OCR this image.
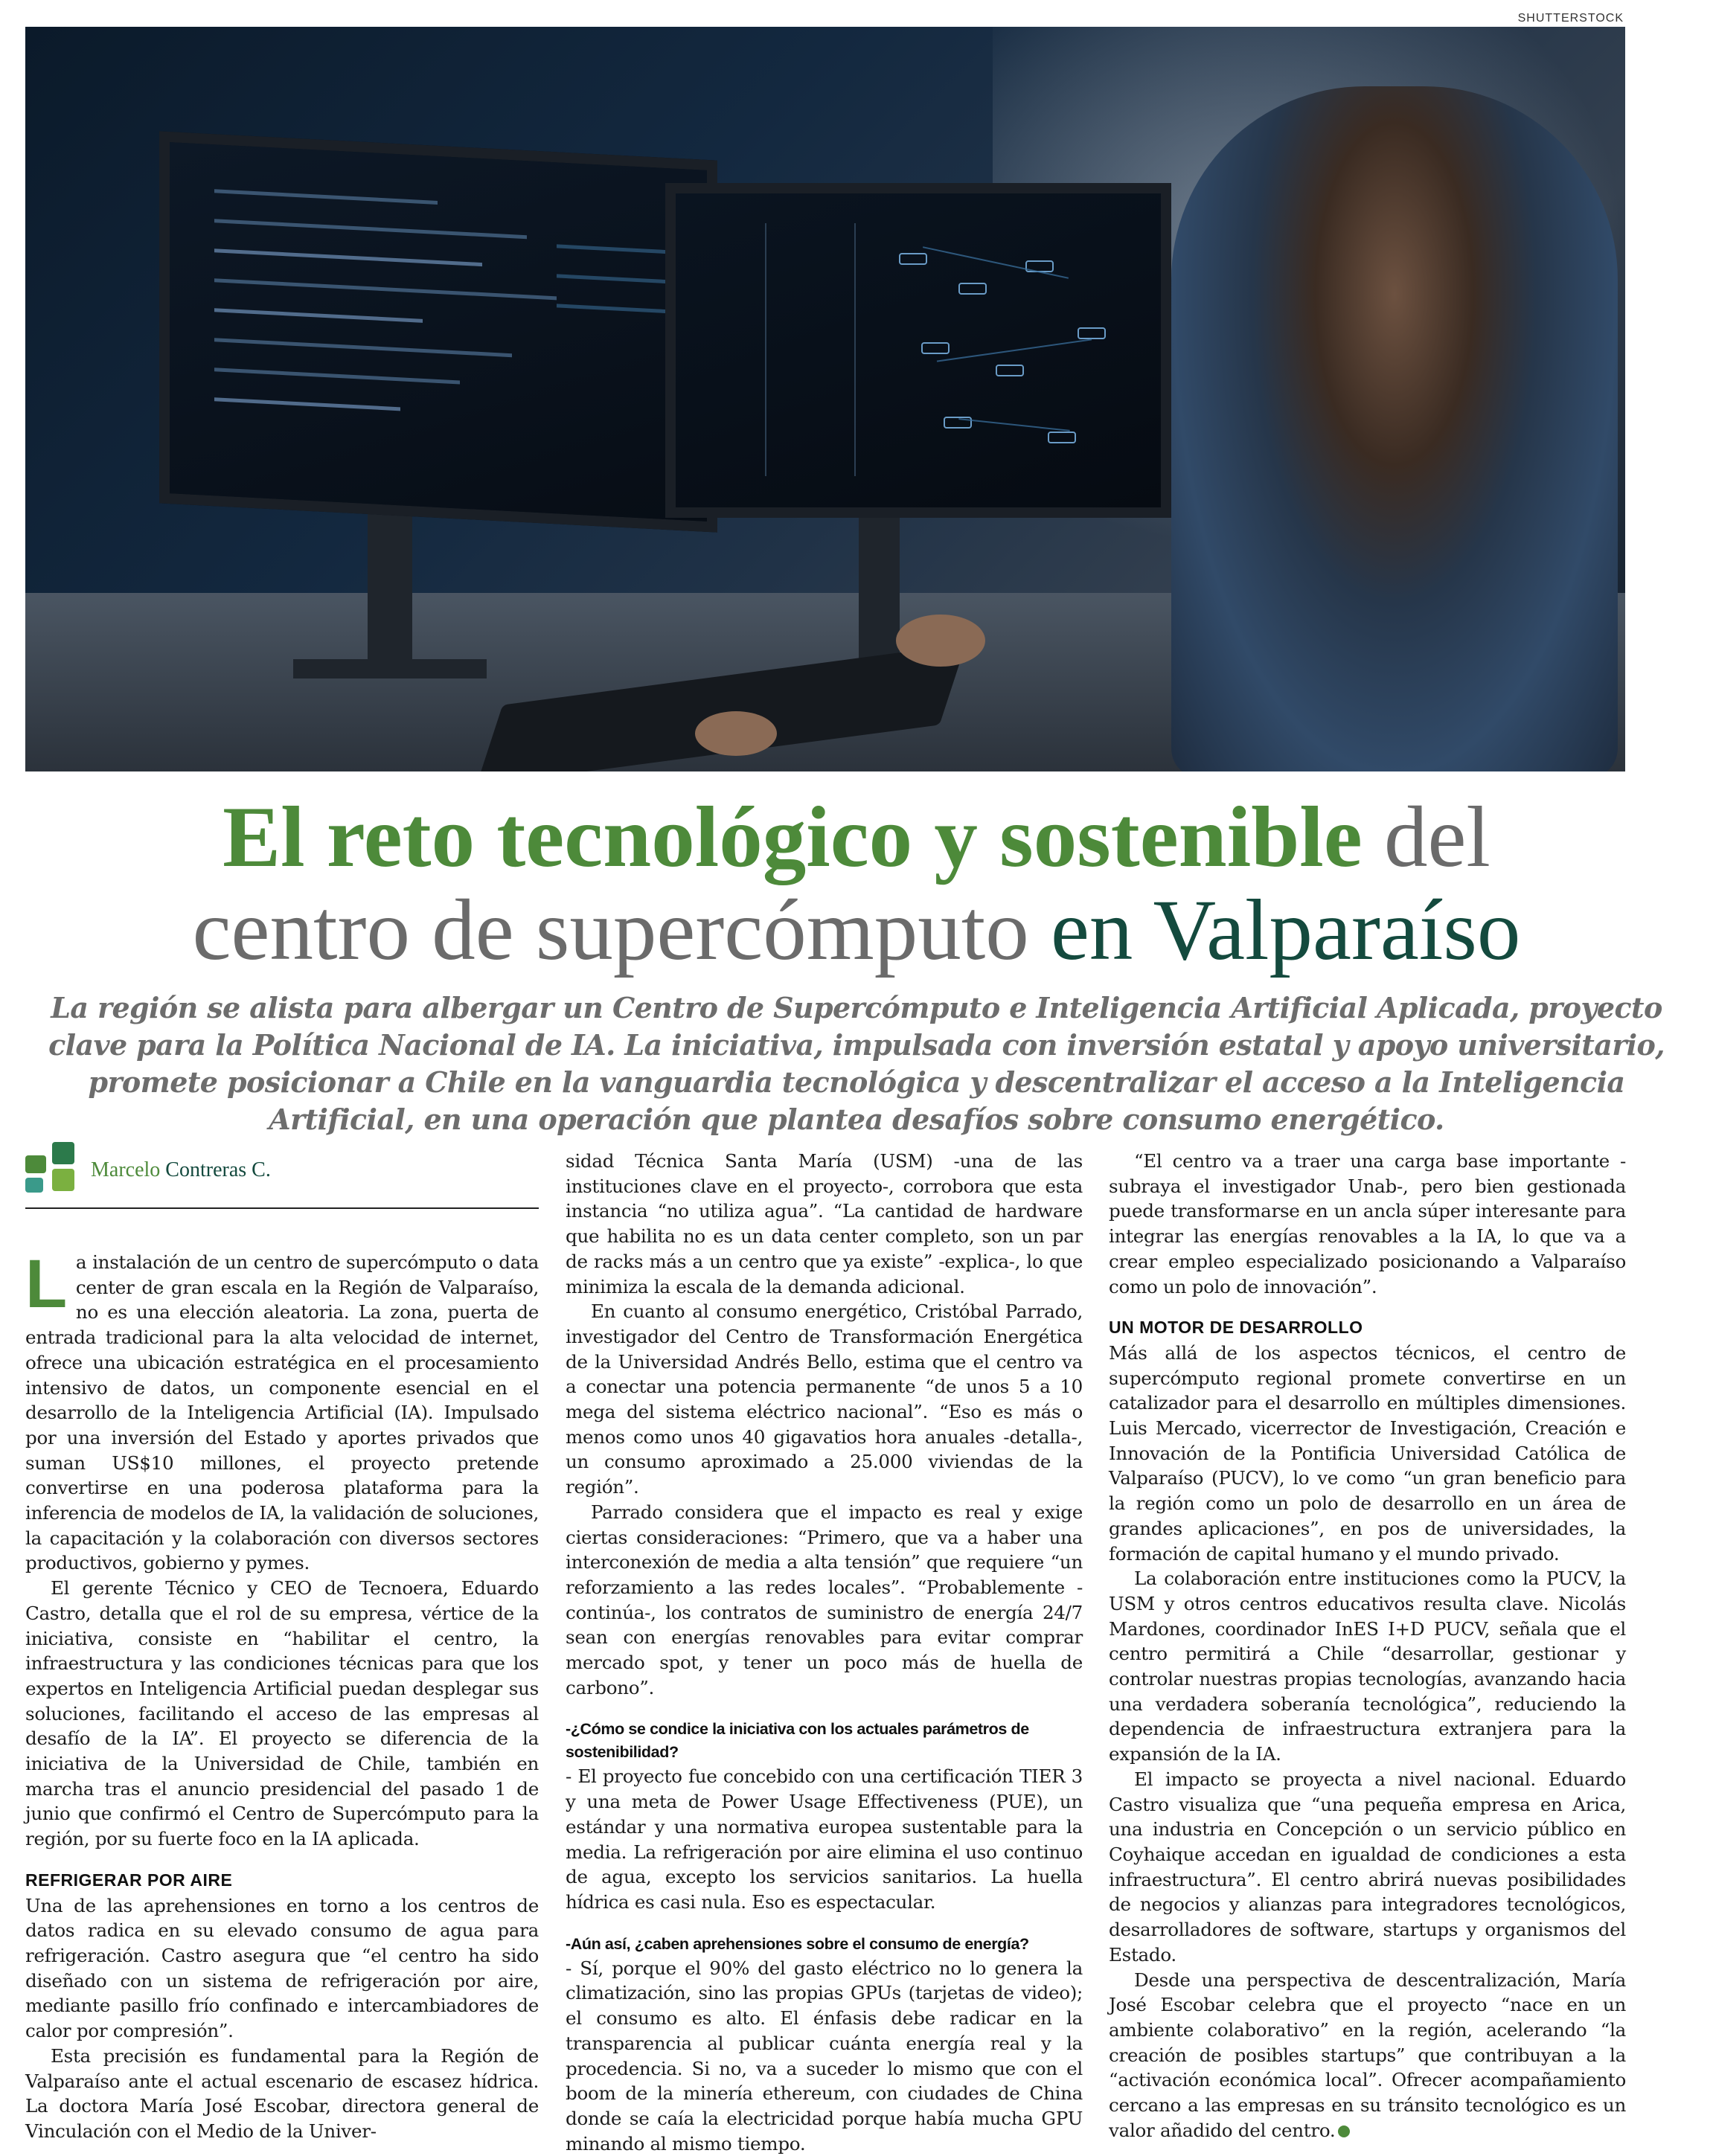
SHUTTERSTOCK
El reto tecnológico y sostenible del
centro de supercómputo en Valparaíso

La región se alista para albergar un Centro de Supercómputo e Inteligencia Artificial Aplicada, proyecto clave para la Política Nacional de IA. La iniciativa, impulsada con inversión estatal y apoyo universitario, promete posicionar a Chile en la vanguardia tecnológica y descentralizar el acceso a la Inteligencia Artificial, en una operación que plantea desafíos sobre consumo energético.

Marcelo Contreras C.

La instalación de un centro de supercómputo o data center de gran escala en la Región de Valparaíso, no es una elección aleatoria. La zona, puerta de entrada tradicional para la alta velocidad de internet, ofrece una ubicación estratégica en el procesamiento intensivo de datos, un componente esencial en el desarrollo de la Inteligencia Artificial (IA). Impulsado por una inversión del Estado y aportes privados que suman US$10 millones, el proyecto pretende convertirse en una poderosa plataforma para la inferencia de modelos de IA, la validación de soluciones, la capacitación y la colaboración con diversos sectores productivos, gobierno y pymes.

El gerente Técnico y CEO de Tecnoera, Eduardo Castro, detalla que el rol de su empresa, vértice de la iniciativa, consiste en “habilitar el centro, la infraestructura y las condiciones técnicas para que los expertos en Inteligencia Artificial puedan desplegar sus soluciones, facilitando el acceso de las empresas al desafío de la IA”. El proyecto se diferencia de la iniciativa de la Universidad de Chile, también en marcha tras el anuncio presidencial del pasado 1 de junio que confirmó el Centro de Supercómputo para la región, por su fuerte foco en la IA aplicada.

REFRIGERAR POR AIRE

Una de las aprehensiones en torno a los centros de datos radica en su elevado consumo de agua para refrigeración. Castro asegura que “el centro ha sido diseñado con un sistema de refrigeración por aire, mediante pasillo frío confinado e intercambiadores de calor por compresión”.

Esta precisión es fundamental para la Región de Valparaíso ante el actual escenario de escasez hídrica. La doctora María José Escobar, directora general de Vinculación con el Medio de la Univer-

sidad Técnica Santa María (USM) -una de las instituciones clave en el proyecto-, corrobora que esta instancia “no utiliza agua”. “La cantidad de hardware que habilita no es un data center completo, son un par de racks más a un centro que ya existe” -explica-, lo que minimiza la escala de la demanda adicional.

En cuanto al consumo energético, Cristóbal Parrado, investigador del Centro de Transformación Energética de la Universidad Andrés Bello, estima que el centro va a conectar una potencia permanente “de unos 5 a 10 mega del sistema eléctrico nacional”. “Eso es más o menos como unos 40 gigavatios hora anuales -detalla-, un consumo aproximado a 25.000 viviendas de la región”.

Parrado considera que el impacto es real y exige ciertas consideraciones: “Primero, que va a haber una interconexión de media a alta tensión” que requiere “un reforzamiento a las redes locales”. “Probablemente -continúa-, los contratos de suministro de energía 24/7 sean con energías renovables para evitar comprar mercado spot, y tener un poco más de huella de carbono”.

-¿Cómo se condice la iniciativa con los actuales parámetros de sostenibilidad?

- El proyecto fue concebido con una certificación TIER 3 y una meta de Power Usage Effectiveness (PUE), un estándar y una normativa europea sustentable para la media. La refrigeración por aire elimina el uso continuo de agua, excepto los servicios sanitarios. La huella hídrica es casi nula. Eso es espectacular.

-Aún así, ¿caben aprehensiones sobre el consumo de energía?

- Sí, porque el 90% del gasto eléctrico no lo genera la climatización, sino las propias GPUs (tarjetas de video); el consumo es alto. El énfasis debe radicar en la transparencia al publicar cuánta energía real y la procedencia. Si no, va a suceder lo mismo que con el boom de la minería ethereum, con ciudades de China donde se caía la electricidad porque había mucha GPU minando al mismo tiempo.

“El centro va a traer una carga base importante -subraya el investigador Unab-, pero bien gestionada puede transformarse en un ancla súper interesante para integrar las energías renovables a la IA, lo que va a crear empleo especializado posicionando a Valparaíso como un polo de innovación”.

UN MOTOR DE DESARROLLO

Más allá de los aspectos técnicos, el centro de supercómputo regional promete convertirse en un catalizador para el desarrollo en múltiples dimensiones. Luis Mercado, vicerrector de Investigación, Creación e Innovación de la Pontificia Universidad Católica de Valparaíso (PUCV), lo ve como “un gran beneficio para la región como un polo de desarrollo en un área de grandes aplicaciones”, en pos de universidades, la formación de capital humano y el mundo privado.

La colaboración entre instituciones como la PUCV, la USM y otros centros educativos resulta clave. Nicolás Mardones, coordinador InES I+D PUCV, señala que el centro permitirá a Chile “desarrollar, gestionar y controlar nuestras propias tecnologías, avanzando hacia una verdadera soberanía tecnológica”, reduciendo la dependencia de infraestructura extranjera para la expansión de la IA.

El impacto se proyecta a nivel nacional. Eduardo Castro visualiza que “una pequeña empresa en Arica, una industria en Concepción o un servicio público en Coyhaique accedan en igualdad de condiciones a esta infraestructura”. El centro abrirá nuevas posibilidades de negocios y alianzas para integradores tecnológicos, desarrolladores de software, startups y organismos del Estado.

Desde una perspectiva de descentralización, María José Escobar celebra que el proyecto “nace en un ambiente colaborativo” en la región, acelerando “la creación de posibles startups” que contribuyan a la “activación económica local”. Ofrecer acompañamiento cercano a las empresas en su tránsito tecnológico es un valor añadido del centro.
